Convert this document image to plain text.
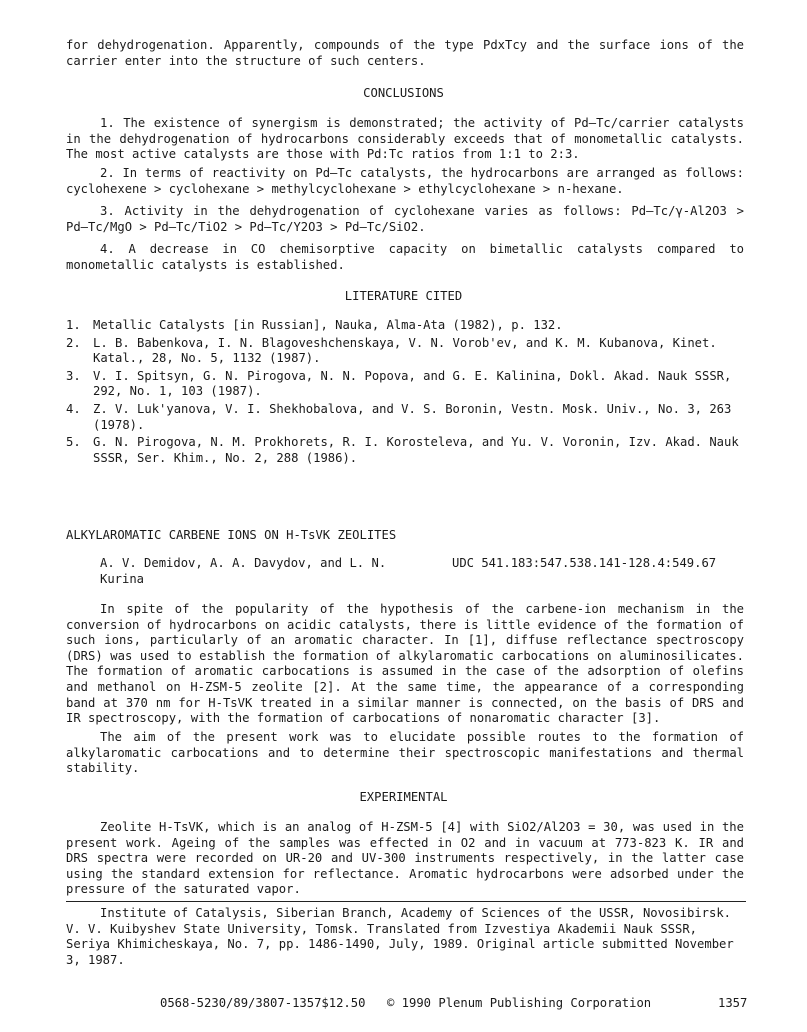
for dehydrogenation. Apparently, compounds of the type PdxTcy and the surface ions of the carrier enter into the structure of such centers.

CONCLUSIONS

1. The existence of synergism is demonstrated; the activity of Pd–Tc/carrier catalysts in the dehydrogenation of hydrocarbons considerably exceeds that of monometallic catalysts. The most active catalysts are those with Pd:Tc ratios from 1:1 to 2:3.

2. In terms of reactivity on Pd–Tc catalysts, the hydrocarbons are arranged as follows: cyclohexene > cyclohexane > methylcyclohexane > ethylcyclohexane > n-hexane.

3. Activity in the dehydrogenation of cyclohexane varies as follows: Pd–Tc/γ-Al2O3 > Pd–Tc/MgO > Pd–Tc/TiO2 > Pd–Tc/Y2O3 > Pd–Tc/SiO2.

4. A decrease in CO chemisorptive capacity on bimetallic catalysts compared to monometallic catalysts is established.

LITERATURE CITED

1. Metallic Catalysts [in Russian], Nauka, Alma-Ata (1982), p. 132.
2. L. B. Babenkova, I. N. Blagoveshchenskaya, V. N. Vorob'ev, and K. M. Kubanova, Kinet. Katal., 28, No. 5, 1132 (1987).
3. V. I. Spitsyn, G. N. Pirogova, N. N. Popova, and G. E. Kalinina, Dokl. Akad. Nauk SSSR, 292, No. 1, 103 (1987).
4. Z. V. Luk'yanova, V. I. Shekhobalova, and V. S. Boronin, Vestn. Mosk. Univ., No. 3, 263 (1978).
5. G. N. Pirogova, N. M. Prokhorets, R. I. Korosteleva, and Yu. V. Voronin, Izv. Akad. Nauk SSSR, Ser. Khim., No. 2, 288 (1986).

ALKYLAROMATIC CARBENE IONS ON H-TsVK ZEOLITES

A. V. Demidov, A. A. Davydov, and L. N. Kurina

UDC 541.183:547.538.141-128.4:549.67

In spite of the popularity of the hypothesis of the carbene-ion mechanism in the conversion of hydrocarbons on acidic catalysts, there is little evidence of the formation of such ions, particularly of an aromatic character. In [1], diffuse reflectance spectroscopy (DRS) was used to establish the formation of alkylaromatic carbocations on aluminosilicates. The formation of aromatic carbocations is assumed in the case of the adsorption of olefins and methanol on H-ZSM-5 zeolite [2]. At the same time, the appearance of a corresponding band at 370 nm for H-TsVK treated in a similar manner is connected, on the basis of DRS and IR spectroscopy, with the formation of carbocations of nonaromatic character [3].

The aim of the present work was to elucidate possible routes to the formation of alkylaromatic carbocations and to determine their spectroscopic manifestations and thermal stability.

EXPERIMENTAL

Zeolite H-TsVK, which is an analog of H-ZSM-5 [4] with SiO2/Al2O3 = 30, was used in the present work. Ageing of the samples was effected in O2 and in vacuum at 773-823 K. IR and DRS spectra were recorded on UR-20 and UV-300 instruments respectively, in the latter case using the standard extension for reflectance. Aromatic hydrocarbons were adsorbed under the pressure of the saturated vapor.

Institute of Catalysis, Siberian Branch, Academy of Sciences of the USSR, Novosibirsk. V. V. Kuibyshev State University, Tomsk. Translated from Izvestiya Akademii Nauk SSSR, Seriya Khimicheskaya, No. 7, pp. 1486-1490, July, 1989. Original article submitted November 3, 1987.

0568-5230/89/3807-1357$12.50 © 1990 Plenum Publishing Corporation	1357
